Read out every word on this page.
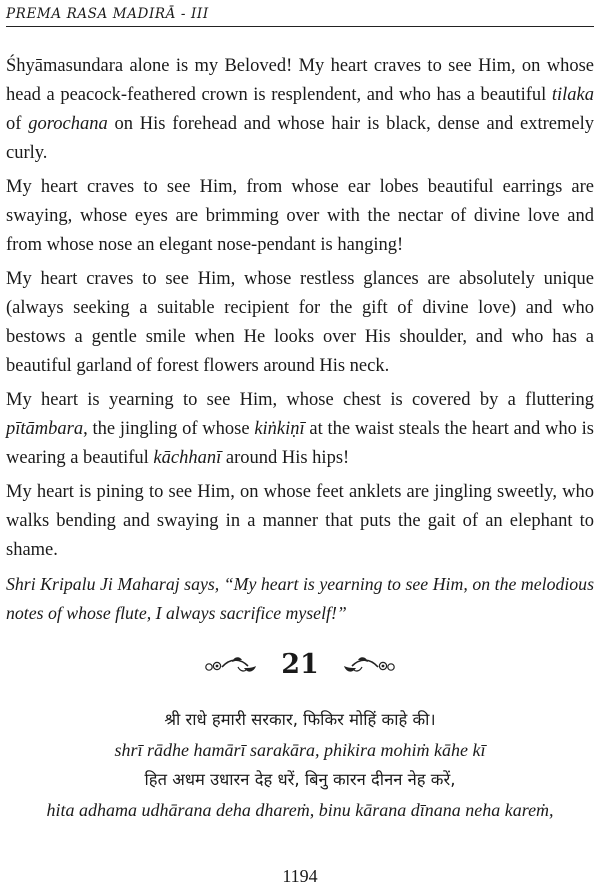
PREMA RASA MADIRĀ - III

Śhyāmasundara alone is my Beloved! My heart craves to see Him, on whose head a peacock-feathered crown is resplendent, and who has a beautiful tilaka of gorochana on His forehead and whose hair is black, dense and extremely curly.

My heart craves to see Him, from whose ear lobes beautiful earrings are swaying, whose eyes are brimming over with the nectar of divine love and from whose nose an elegant nose-pendant is hanging!

My heart craves to see Him, whose restless glances are absolutely unique (always seeking a suitable recipient for the gift of divine love) and who bestows a gentle smile when He looks over His shoulder, and who has a beautiful garland of forest flowers around His neck.

My heart is yearning to see Him, whose chest is covered by a fluttering pītāmbara, the jingling of whose kiṅkiṇī at the waist steals the heart and who is wearing a beautiful kāchhanī around His hips!

My heart is pining to see Him, on whose feet anklets are jingling sweetly, who walks bending and swaying in a manner that puts the gait of an elephant to shame.

Shri Kripalu Ji Maharaj says, “My heart is yearning to see Him, on the melodious notes of whose flute, I always sacrifice myself!”

21
श्री राधे हमारी सरकार, फिकिर मोहिं काहे की।
shrī rādhe hamārī sarakāra, phikira mohiṁ kāhe kī
हित अधम उधारन देह धरें, बिनु कारन दीनन नेह करें,
hita adhama udhārana deha dhareṁ, binu kārana dīnana neha kareṁ,
1194
